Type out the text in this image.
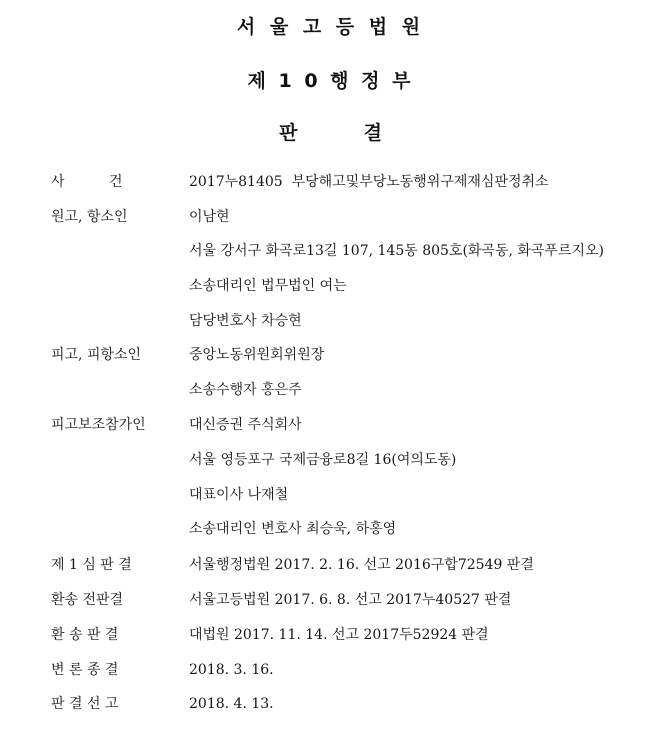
서 울 고 등 법 원
제 1 0 행 정 부
판          결
사          건	2017누81405  부당해고및부당노동행위구제재심판정취소
원고, 항소인	이남현
서울 강서구 화곡로13길 107, 145동 805호(화곡동, 화곡푸르지오)
소송대리인 법무법인 여는
담당변호사 차승현
피고, 피항소인	중앙노동위원회위원장
소송수행자 홍은주
피고보조참가인	대신증권 주식회사
서울 영등포구 국제금융로8길 16(여의도동)
대표이사 나재철
소송대리인 변호사 최승욱, 하홍영
제 1 심 판 결	서울행정법원 2017. 2. 16. 선고 2016구합72549 판결
환송 전판결	서울고등법원 2017. 6. 8. 선고 2017누40527 판결
환 송 판 결	대법원 2017. 11. 14. 선고 2017두52924 판결
변 론 종 결	2018. 3. 16.
판 결 선 고	2018. 4. 13.
